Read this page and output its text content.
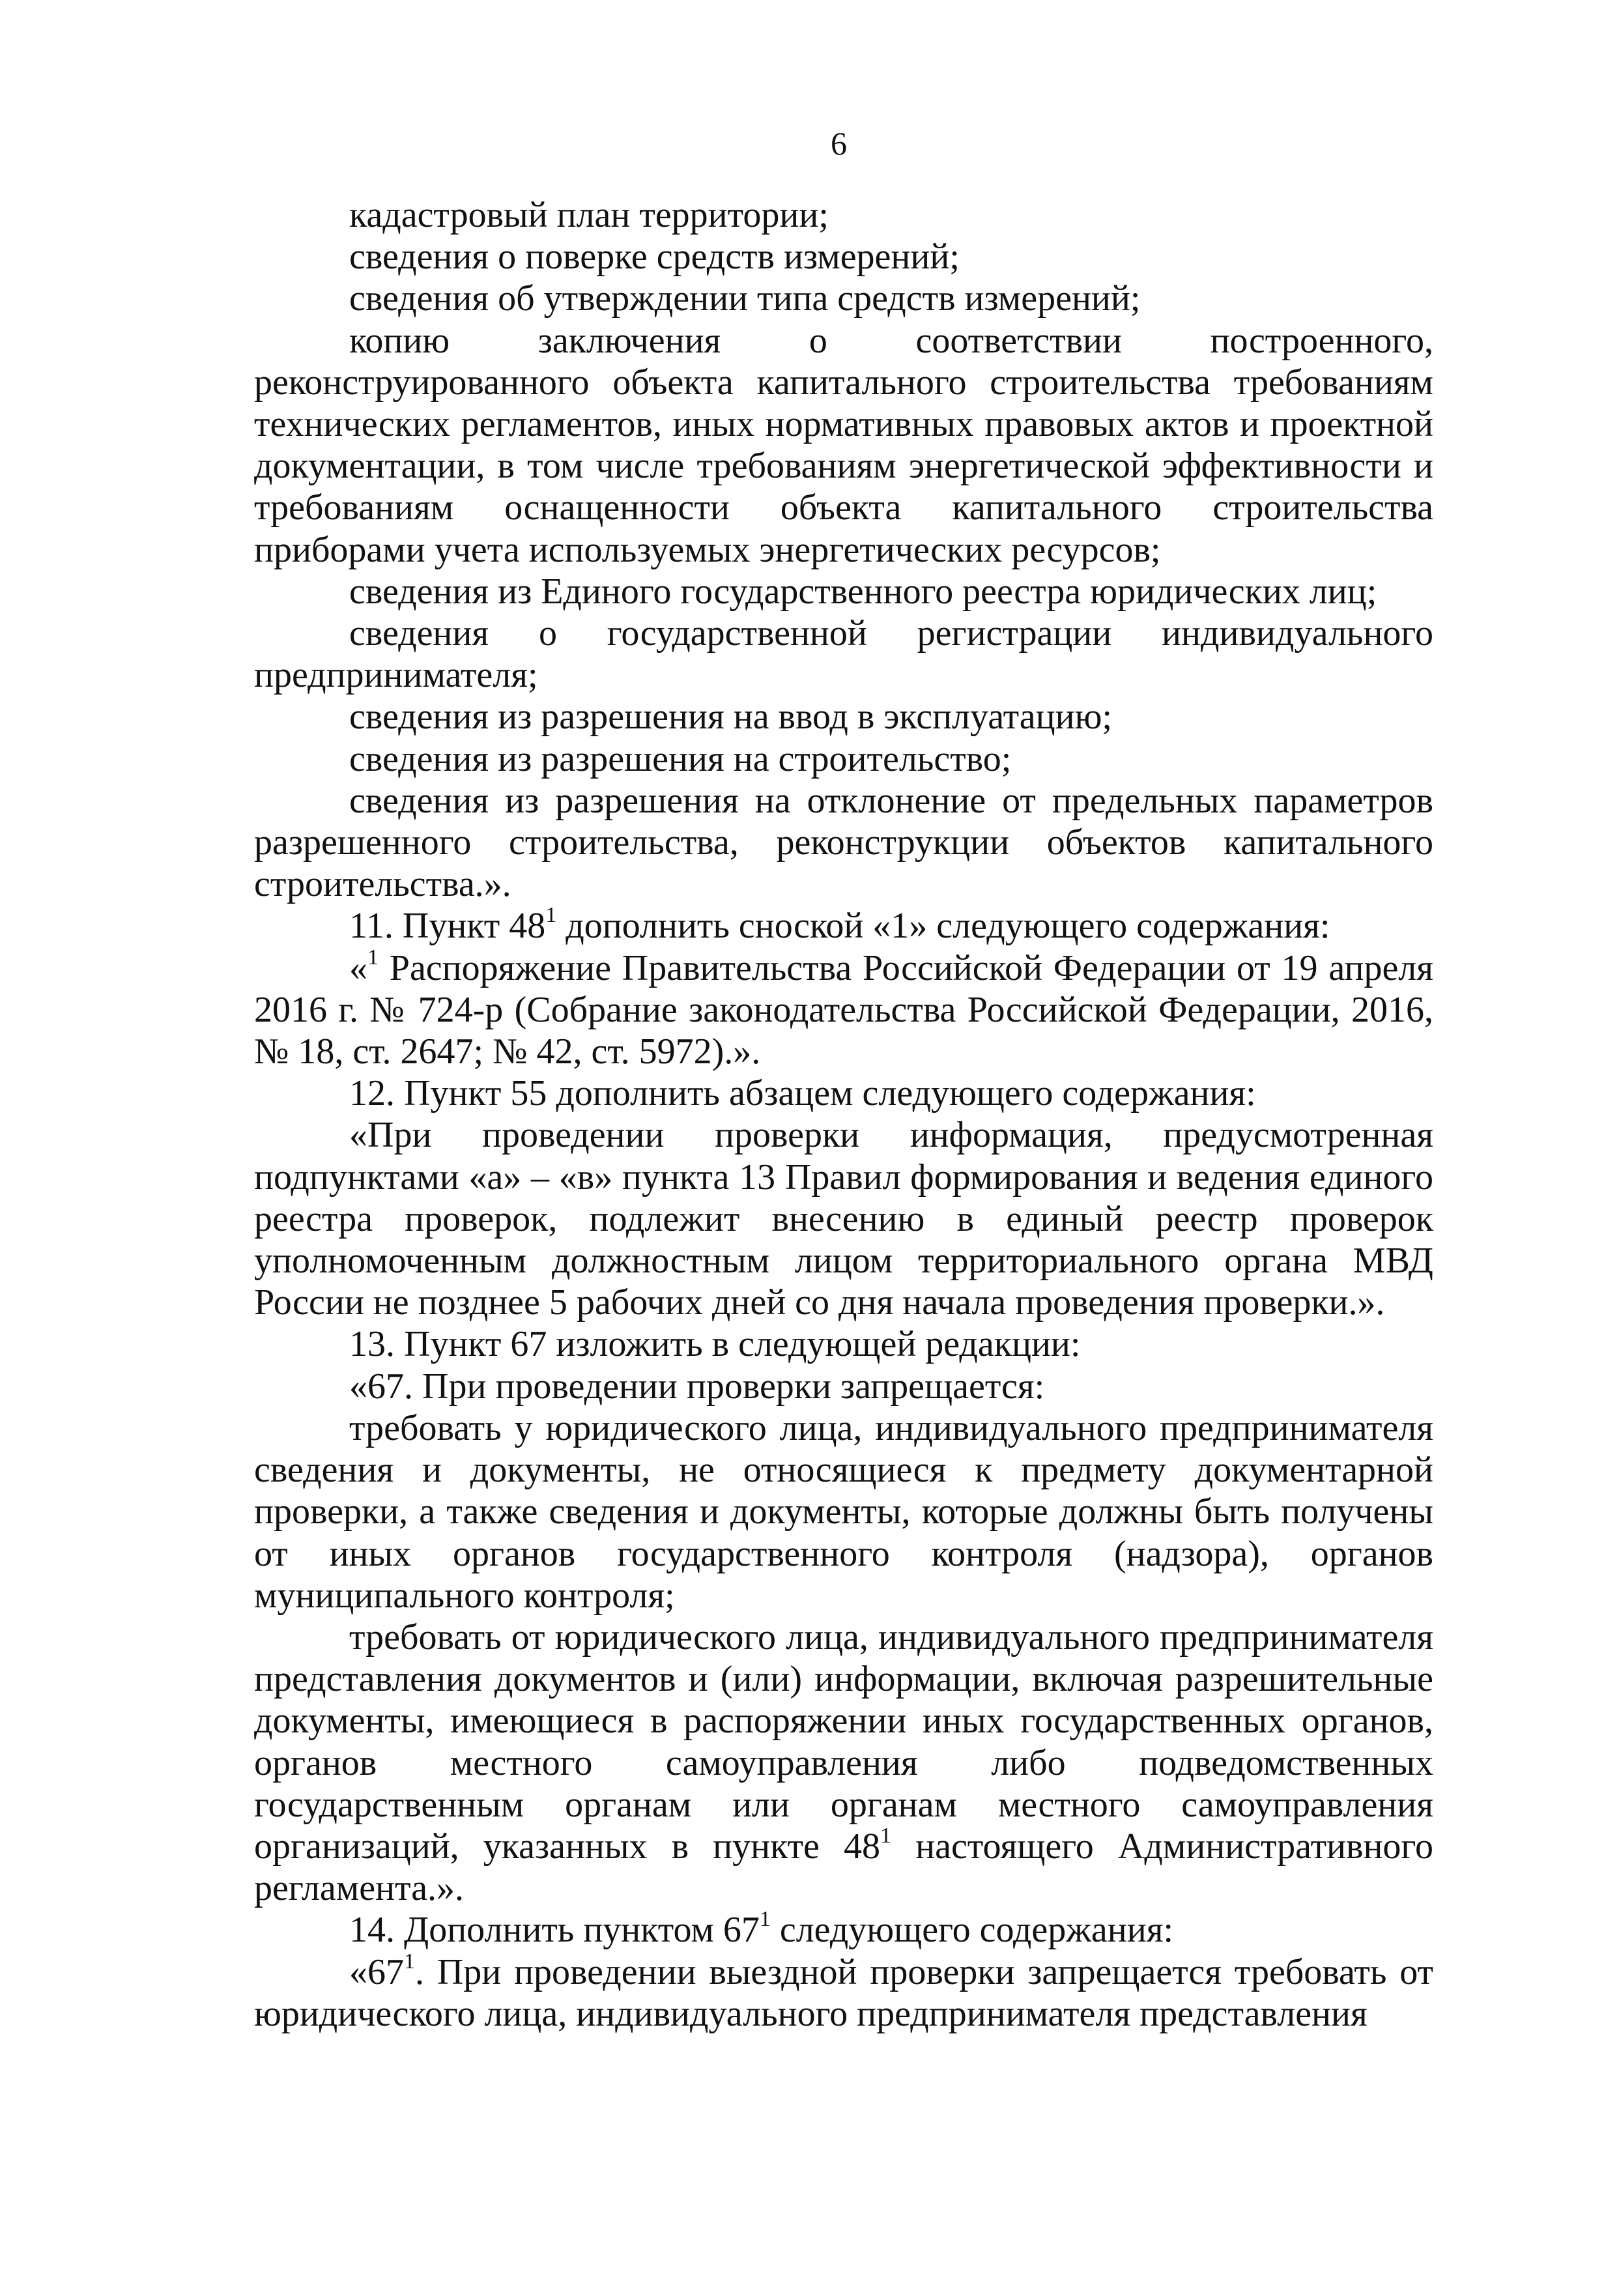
6

кадастровый план территории;

сведения о поверке средств измерений;

сведения об утверждении типа средств измерений;

копию заключения о соответствии построенного, реконструированного объекта капитального строительства требованиям технических регламентов, иных нормативных правовых актов и проектной документации, в том числе требованиям энергетической эффективности и требованиям оснащенности объекта капитального строительства приборами учета используемых энергетических ресурсов;

сведения из Единого государственного реестра юридических лиц;

сведения о государственной регистрации индивидуального предпринимателя;

сведения из разрешения на ввод в эксплуатацию;

сведения из разрешения на строительство;

сведения из разрешения на отклонение от предельных параметров разрешенного строительства, реконструкции объектов капитального строительства.».

11. Пункт $48^1$ дополнить сноской «1» следующего содержания:

«$^1$ Распоряжение Правительства Российской Федерации от 19 апреля 2016 г. № 724-р (Собрание законодательства Российской Федерации, 2016, № 18, ст. 2647; № 42, ст. 5972).».

12. Пункт 55 дополнить абзацем следующего содержания:

«При проведении проверки информация, предусмотренная подпунктами «а» – «в» пункта 13 Правил формирования и ведения единого реестра проверок, подлежит внесению в единый реестр проверок уполномоченным должностным лицом территориального органа МВД России не позднее 5 рабочих дней со дня начала проведения проверки.».

13. Пункт 67 изложить в следующей редакции:

«67. При проведении проверки запрещается:

требовать у юридического лица, индивидуального предпринимателя сведения и документы, не относящиеся к предмету документарной проверки, а также сведения и документы, которые должны быть получены от иных органов государственного контроля (надзора), органов муниципального контроля;

требовать от юридического лица, индивидуального предпринимателя представления документов и (или) информации, включая разрешительные документы, имеющиеся в распоряжении иных государственных органов, органов местного самоуправления либо подведомственных государственным органам или органам местного самоуправления организаций, указанных в пункте $48^1$ настоящего Административного регламента.».

14. Дополнить пунктом $67^1$ следующего содержания:

«$67^1$. При проведении выездной проверки запрещается требовать от юридического лица, индивидуального предпринимателя представления
